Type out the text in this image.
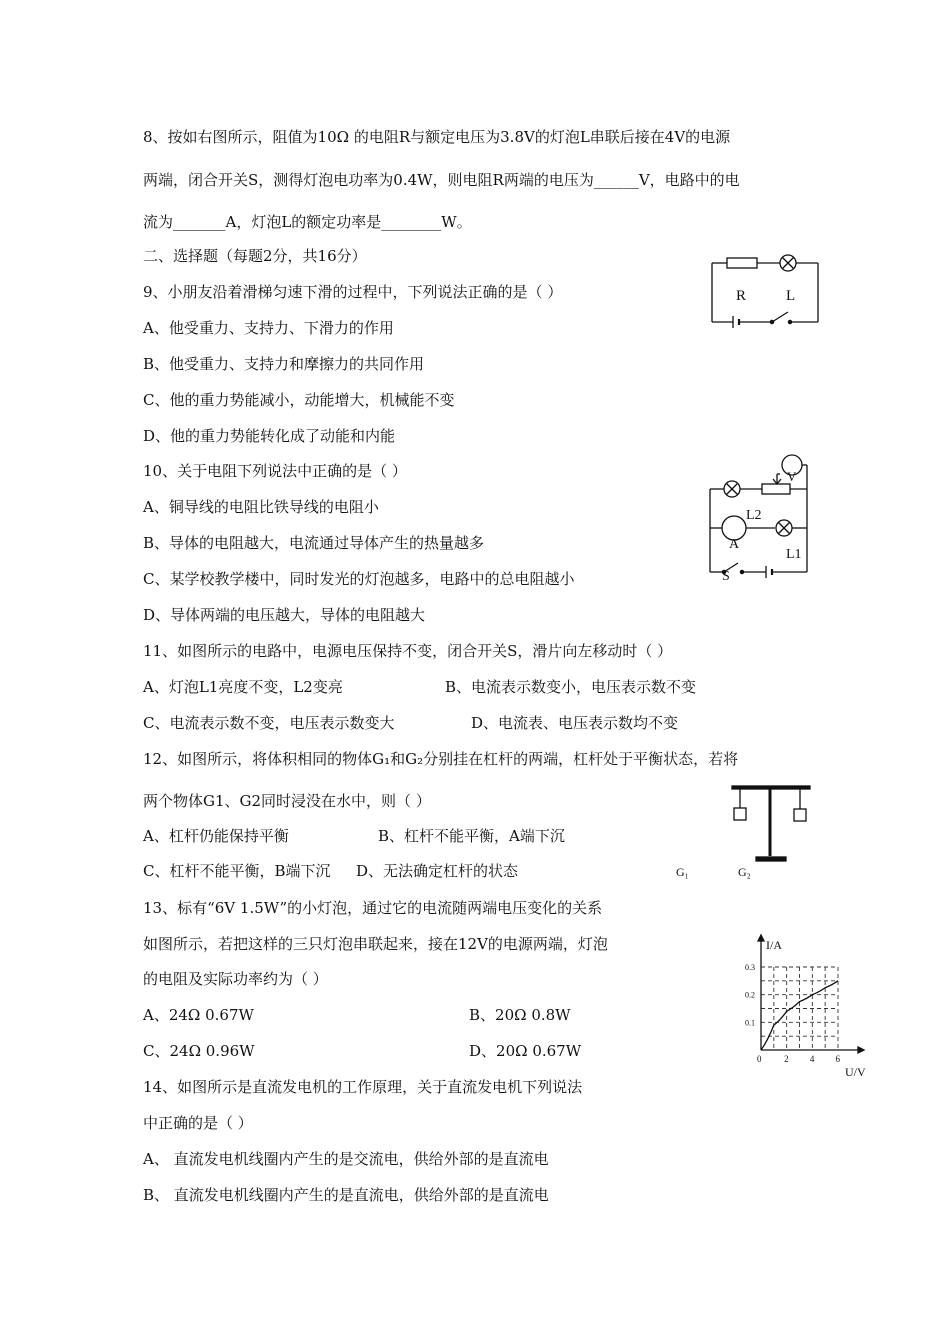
8、按如右图所示，阻值为10Ω 的电阻R与额定电压为3.8V的灯泡L串联后接在4V的电源
两端，闭合开关S，测得灯泡电功率为0.4W，则电阻R两端的电压为______V，电路中的电
流为_______A，灯泡L的额定功率是________W。
二、选择题（每题2分，共16分）
9、小朋友沿着滑梯匀速下滑的过程中，下列说法正确的是（ ）
A、他受重力、支持力、下滑力的作用
B、他受重力、支持力和摩擦力的共同作用
C、他的重力势能减小，动能增大，机械能不变
D、他的重力势能转化成了动能和内能
10、关于电阻下列说法中正确的是（ ）
A、铜导线的电阻比铁导线的电阻小
B、导体的电阻越大，电流通过导体产生的热量越多
C、某学校教学楼中，同时发光的灯泡越多，电路中的总电阻越小
D、导体两端的电压越大，导体的电阻越大
11、如图所示的电路中，电源电压保持不变，闭合开关S，滑片向左移动时（ ）
A、灯泡L1亮度不变，L2变亮	B、电流表示数变小，电压表示数不变
C、电流表示数不变，电压表示数变大	D、电流表、电压表示数均不变
12、如图所示，将体积相同的物体G₁和G₂分别挂在杠杆的两端，杠杆处于平衡状态，若将
两个物体G1、G2同时浸没在水中，则（ ）
A、杠杆仍能保持平衡	B、杠杆不能平衡，A端下沉
C、杠杆不能平衡，B端下沉 D、无法确定杠杆的状态
13、标有“6V 1.5W”的小灯泡，通过它的电流随两端电压变化的关系
如图所示，若把这样的三只灯泡串联起来，接在12V的电源两端，灯泡
的电阻及实际功率约为（ ）
A、24Ω 0.67W	B、20Ω 0.8W
C、24Ω 0.96W	D、20Ω 0.67W
14、如图所示是直流发电机的工作原理，关于直流发电机下列说法
中正确的是（ ）
A、 直流发电机线圈内产生的是交流电，供给外部的是直流电
B、 直流发电机线圈内产生的是直流电，供给外部的是直流电
R	L
V
L2
A
L1
S
G₁	G₂
0	2 4 6
0.1
0.2
0.3
I/A
U/V
